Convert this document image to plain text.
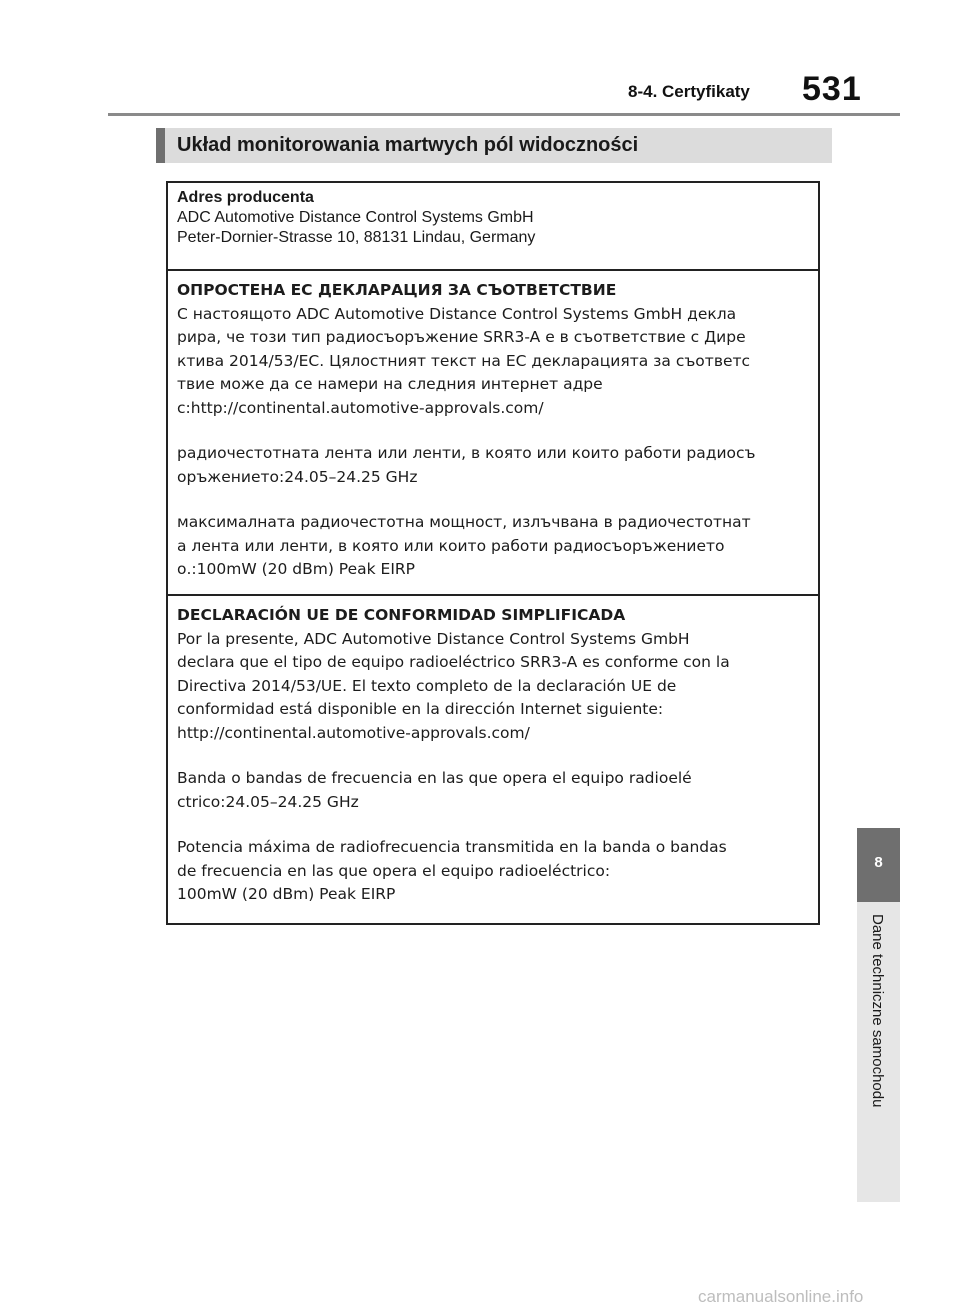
8-4. Certyfikaty 531
Układ monitorowania martwych pól widoczności
Adres producenta
ADC Automotive Distance Control Systems GmbH
Peter-Dornier-Strasse 10, 88131 Lindau, Germany
ОПРОСТЕНА ЕС ДЕКЛАРАЦИЯ ЗА СЪОТВЕТСТВИЕ
С настоящото ADC Automotive Distance Control Systems GmbH декла
рира, че този тип радиосъоръжение SRR3-A е в съответствие с Дире
ктива 2014/53/ЕС. Цялостният текст на ЕС декларацията за съответс
твие може да се намери на следния интернет адре
с:http://continental.automotive-approvals.com/
радиочестотната лента или ленти, в която или които работи радиосъ
оръжението:24.05–24.25 GHz
максималната радиочестотна мощност, излъчвана в радиочестотнат
а лента или ленти, в която или които работи радиосъоръжението
о.:100mW (20 dBm) Peak EIRP
DECLARACIÓN UE DE CONFORMIDAD SIMPLIFICADA
Por la presente, ADC Automotive Distance Control Systems GmbH
declara que el tipo de equipo radioeléctrico SRR3-A es conforme con la
Directiva 2014/53/UE. El texto completo de la declaración UE de
conformidad está disponible en la dirección Internet siguiente:
http://continental.automotive-approvals.com/
Banda o bandas de frecuencia en las que opera el equipo radioelé
ctrico:24.05–24.25 GHz
Potencia máxima de radiofrecuencia transmitida en la banda o bandas
de frecuencia en las que opera el equipo radioeléctrico:
100mW (20 dBm) Peak EIRP
8
Dane techniczne samochodu
carmanualsonline.info
